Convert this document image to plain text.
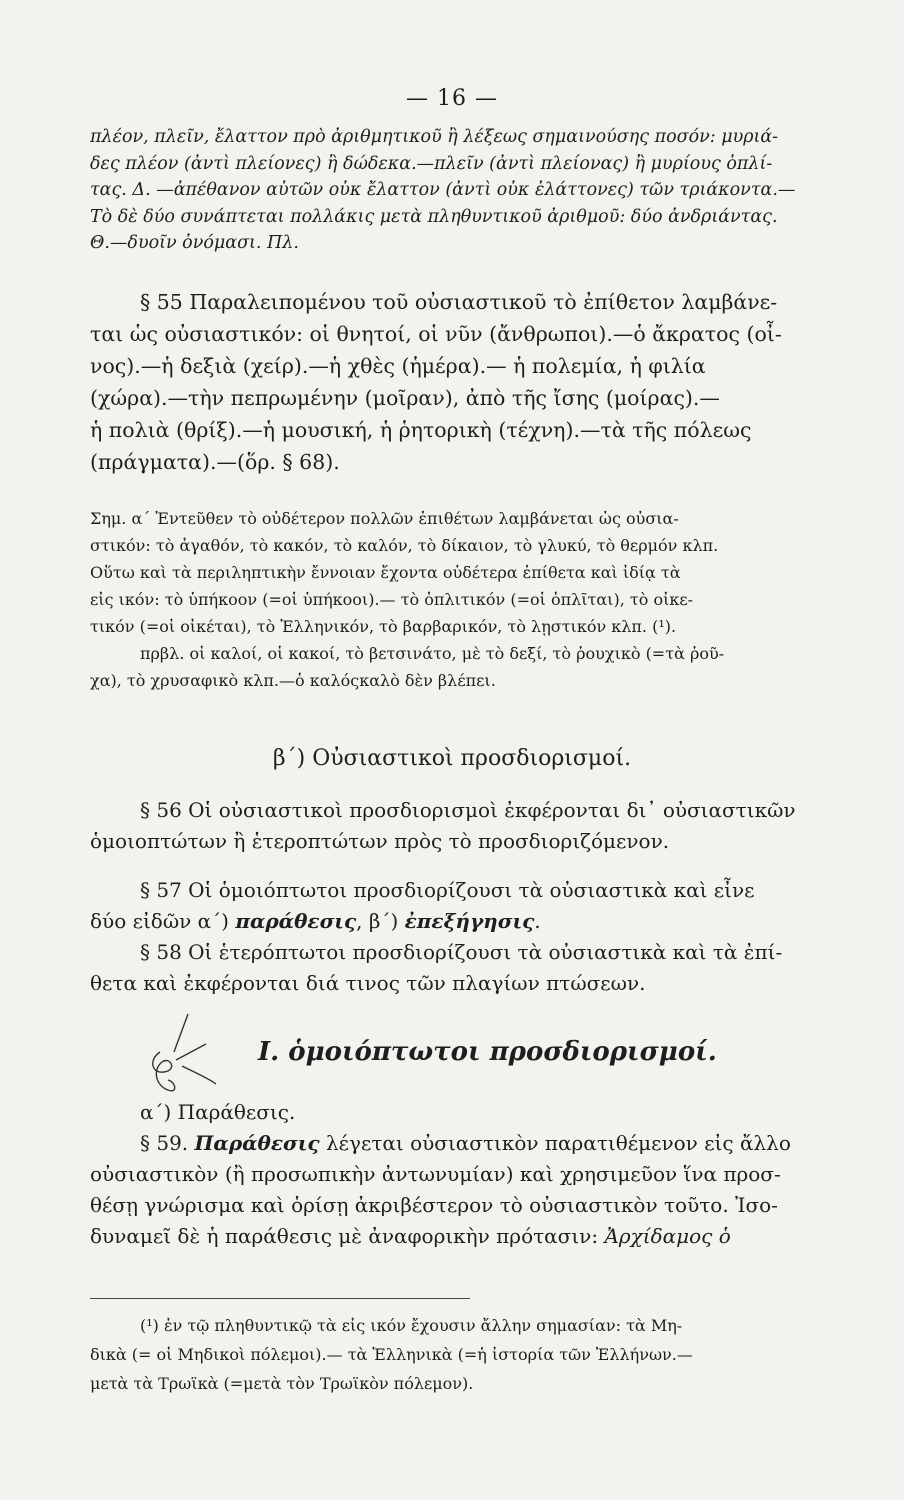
— 16 —
πλέον, πλεῖν, ἔλαττον πρὸ ἀριθμητικοῦ ἢ λέξεως σημαινούσης ποσόν: μυριά-
δες πλέον (ἀντὶ πλείονες) ἢ δώδεκα.—πλεῖν (ἀντὶ πλείονας) ἢ μυρίους ὁπλί-
τας. Δ. —ἀπέθανον αὐτῶν οὐκ ἔλαττον (ἀντὶ οὐκ ἐλάττονες) τῶν τριάκοντα.—
Τὸ δὲ δύο συνάπτεται πολλάκις μετὰ πληθυντικοῦ ἀριθμοῦ: δύο ἀνδριάντας.
Θ.—δυοῖν ὀνόμασι. Πλ.
§ 55 Παραλειπομένου τοῦ οὐσιαστικοῦ τὸ ἐπίθετον λαμβάνε-
ται ὡς οὐσιαστικόν: οἱ θνητοί, οἱ νῦν (ἄνθρωποι).—ὁ ἄκρατος (οἶ-
νος).—ἡ δεξιὰ (χείρ).—ἡ χθὲς (ἡμέρα).— ἡ πολεμία, ἡ φιλία
(χώρα).—τὴν πεπρωμένην (μοῖραν), ἀπὸ τῆς ἴσης (μοίρας).—
ἡ πολιὰ (θρίξ).—ἡ μουσική, ἡ ῥητορικὴ (τέχνη).—τὰ τῆς πόλεως
(πράγματα).—(ὅρ. § 68).
Σημ. α΄ Ἐντεῦθεν τὸ οὐδέτερον πολλῶν ἐπιθέτων λαμβάνεται ὡς οὐσια-
στικόν: τὸ ἀγαθόν, τὸ κακόν, τὸ καλόν, τὸ δίκαιον, τὸ γλυκύ, τὸ θερμόν κλπ.
Οὕτω καὶ τὰ περιληπτικὴν ἔννοιαν ἔχοντα οὐδέτερα ἐπίθετα καὶ ἰδίᾳ τὰ
εἰς ικόν: τὸ ὑπήκοον (=οἱ ὑπήκοοι).— τὸ ὁπλιτικόν (=οἱ ὁπλῖται), τὸ οἰκε-
τικόν (=οἱ οἰκέται), τὸ Ἑλληνικόν, τὸ βαρβαρικόν, τὸ λῃστικόν κλπ. (¹).
πρβλ. οἱ καλοί, οἱ κακοί, τὸ βετσινάτο, μὲ τὸ δεξί, τὸ ῥουχικὸ (=τὰ ῥοῦ-
χα), τὸ χρυσαφικὸ κλπ.—ὁ καλόςκαλὸ δὲν βλέπει.
β΄) Οὐσιαστικοὶ προσδιορισμοί.
§ 56 Οἱ οὐσιαστικοὶ προσδιορισμοὶ ἐκφέρονται δι᾽ οὐσιαστικῶν
ὁμοιοπτώτων ἢ ἑτεροπτώτων πρὸς τὸ προσδιοριζόμενον.
§ 57 Οἱ ὁμοιόπτωτοι προσδιορίζουσι τὰ οὐσιαστικὰ καὶ εἶνε
δύο εἰδῶν α΄) παράθεσις, β΄) ἐπεξήγησις.
§ 58 Οἱ ἑτερόπτωτοι προσδιορίζουσι τὰ οὐσιαστικὰ καὶ τὰ ἐπί-
θετα καὶ ἐκφέρονται διά τινος τῶν πλαγίων πτώσεων.
I. ὁμοιόπτωτοι προσδιορισμοί.
α΄) Παράθεσις.
§ 59. Παράθεσις λέγεται οὐσιαστικὸν παρατιθέμενον εἰς ἄλλο
οὐσιαστικὸν (ἢ προσωπικὴν ἀντωνυμίαν) καὶ χρησιμεῦον ἵνα προσ-
θέσῃ γνώρισμα καὶ ὁρίσῃ ἀκριβέστερον τὸ οὐσιαστικὸν τοῦτο. Ἰσο-
δυναμεῖ δὲ ἡ παράθεσις μὲ ἀναφορικὴν πρότασιν: Ἀρχίδαμος ὁ
(¹) ἐν τῷ πληθυντικῷ τὰ εἰς ικόν ἔχουσιν ἄλλην σημασίαν: τὰ Μη-
δικὰ (= οἱ Μηδικοὶ πόλεμοι).— τὰ Ἑλληνικὰ (=ἡ ἱστορία τῶν Ἑλλήνων.—
μετὰ τὰ Τρωϊκὰ (=μετὰ τὸν Τρωϊκὸν πόλεμον).
